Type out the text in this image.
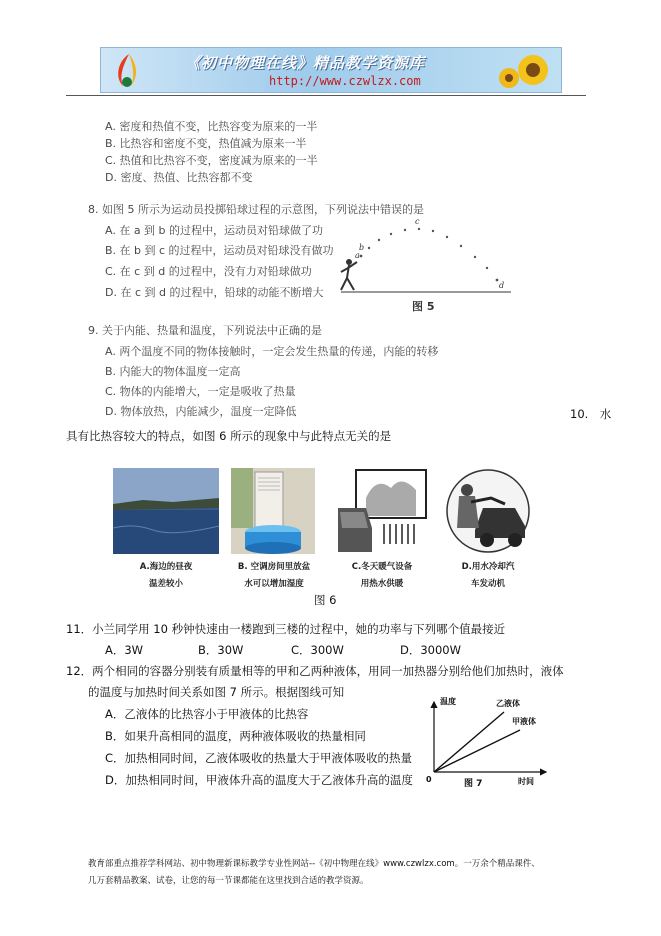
《初中物理在线》精品教学资源库
http://www.czwlzx.com
A. 密度和热值不变，比热容变为原来的一半
B. 比热容和密度不变，热值减为原来一半
C. 热值和比热容不变，密度减为原来的一半
D. 密度、热值、比热容都不变
8. 如图 5 所示为运动员投掷铅球过程的示意图，下列说法中错误的是
A. 在 a 到 b 的过程中，运动员对铅球做了功
B. 在 b 到 c 的过程中，运动员对铅球没有做功
C. 在 c 到 d 的过程中，没有力对铅球做功
D. 在 c 到 d 的过程中，铅球的动能不断增大
a
b
c
d
图 5
9. 关于内能、热量和温度，下列说法中正确的是
A. 两个温度不同的物体接触时，一定会发生热量的传递，内能的转移
B. 内能大的物体温度一定高
C. 物体的内能增大，一定是吸收了热量
D. 物体放热，内能减少，温度一定降低	10.　水
具有比热容较大的特点，如图 6 所示的现象中与此特点无关的是
A.海边的昼夜
温差较小
B. 空调房间里放盆
水可以增加湿度
C.冬天暖气设备
用热水供暖
D.用水冷却汽
车发动机
图 6
11．小兰同学用 10 秒钟快速由一楼跑到三楼的过程中，她的功率与下列哪个值最接近
A．3W	B．30W	C．300W	D．3000W
12．两个相同的容器分别装有质量相等的甲和乙两种液体，用同一加热器分别给他们加热时，液体
的温度与加热时间关系如图 7 所示。根据图线可知
A．乙液体的比热容小于甲液体的比热容
B．如果升高相同的温度，两种液体吸收的热量相同
C．加热相同时间，乙液体吸收的热量大于甲液体吸收的热量
D．加热相同时间，甲液体升高的温度大于乙液体升高的温度
温度	乙液体
甲液体
0	时间
图 7
教育部重点推荐学科网站、初中物理新课标教学专业性网站--《初中物理在线》www.czwlzx.com。一万余个精品课件、
几万套精品教案、试卷，让您的每一节课都能在这里找到合适的教学资源。
